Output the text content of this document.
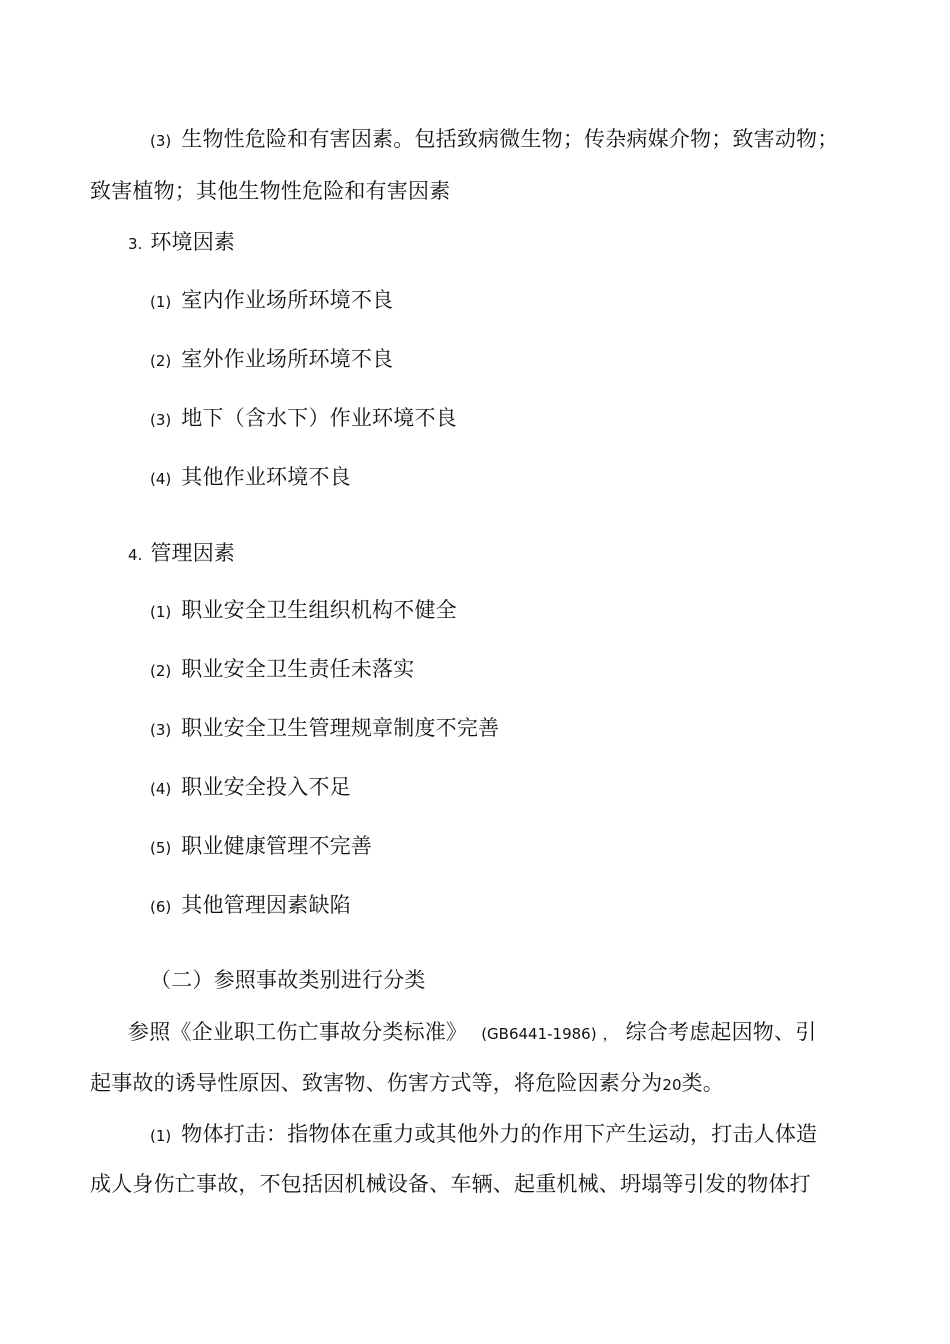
(3) 生物性危险和有害因素。包括致病微生物；传杂病媒介物；致害动物；
致害植物；其他生物性危险和有害因素
3. 环境因素
(1) 室内作业场所环境不良
(2) 室外作业场所环境不良
(3) 地下（含水下）作业环境不良
(4) 其他作业环境不良
4. 管理因素
(1) 职业安全卫生组织机构不健全
(2) 职业安全卫生责任未落实
(3) 职业安全卫生管理规章制度不完善
(4) 职业安全投入不足
(5) 职业健康管理不完善
(6) 其他管理因素缺陷
（二）参照事故类别进行分类
参照《企业职工伤亡事故分类标准》 (GB6441-1986) ， 综合考虑起因物、引
起事故的诱导性原因、致害物、伤害方式等，将危险因素分为20类。
(1) 物体打击：指物体在重力或其他外力的作用下产生运动，打击人体造
成人身伤亡事故，不包括因机械设备、车辆、起重机械、坍塌等引发的物体打
